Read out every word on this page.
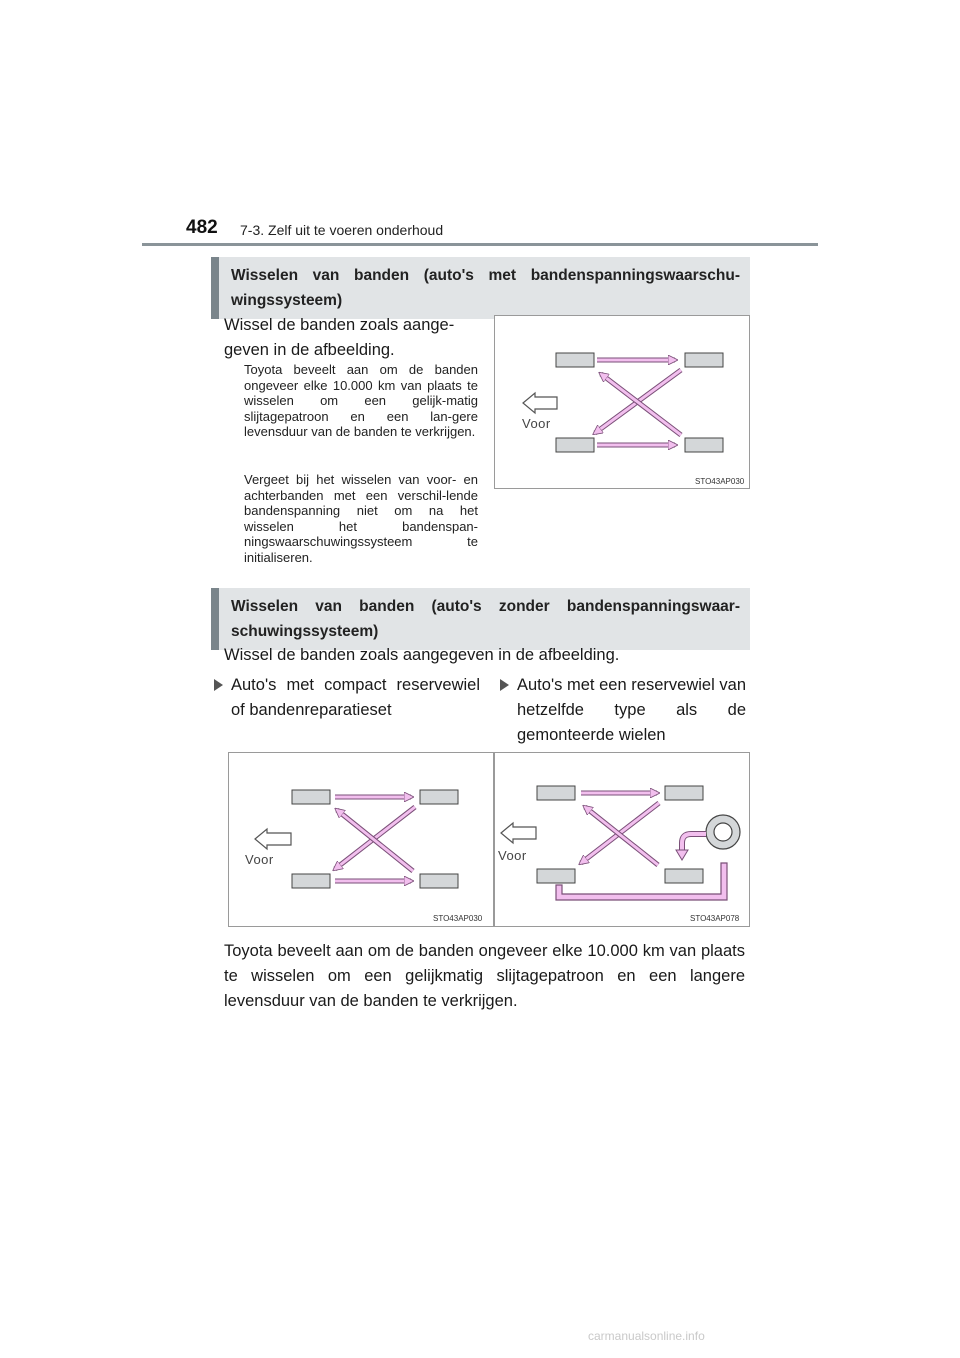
482 7-3. Zelf uit te voeren onderhoud
Wisselen van banden (auto's met bandenspanningswaarschu-wingssysteem)
Wissel de banden zoals aange-geven in de afbeelding.
Toyota beveelt aan om de banden ongeveer elke 10.000 km van plaats te wisselen om een gelijk-matig slijtagepatroon en een lan-gere levensduur van de banden te verkrijgen.
Vergeet bij het wisselen van voor- en achterbanden met een verschil-lende bandenspanning niet om na het wisselen het bandenspan-ningswaarschuwingssysteem te initialiseren.
Voor
STO43AP030
Wisselen van banden (auto's zonder bandenspanningswaar-schuwingssysteem)
Wissel de banden zoals aangegeven in de afbeelding.
Auto's met compact reservewiel of bandenreparatieset
Auto's met een reservewiel van hetzelfde type als de gemonteerde wielen
Voor
STO43AP030
Voor
STO43AP078
Toyota beveelt aan om de banden ongeveer elke 10.000 km van plaats te wisselen om een gelijkmatig slijtagepatroon en een langere levensduur van de banden te verkrijgen.
carmanualsonline.info
